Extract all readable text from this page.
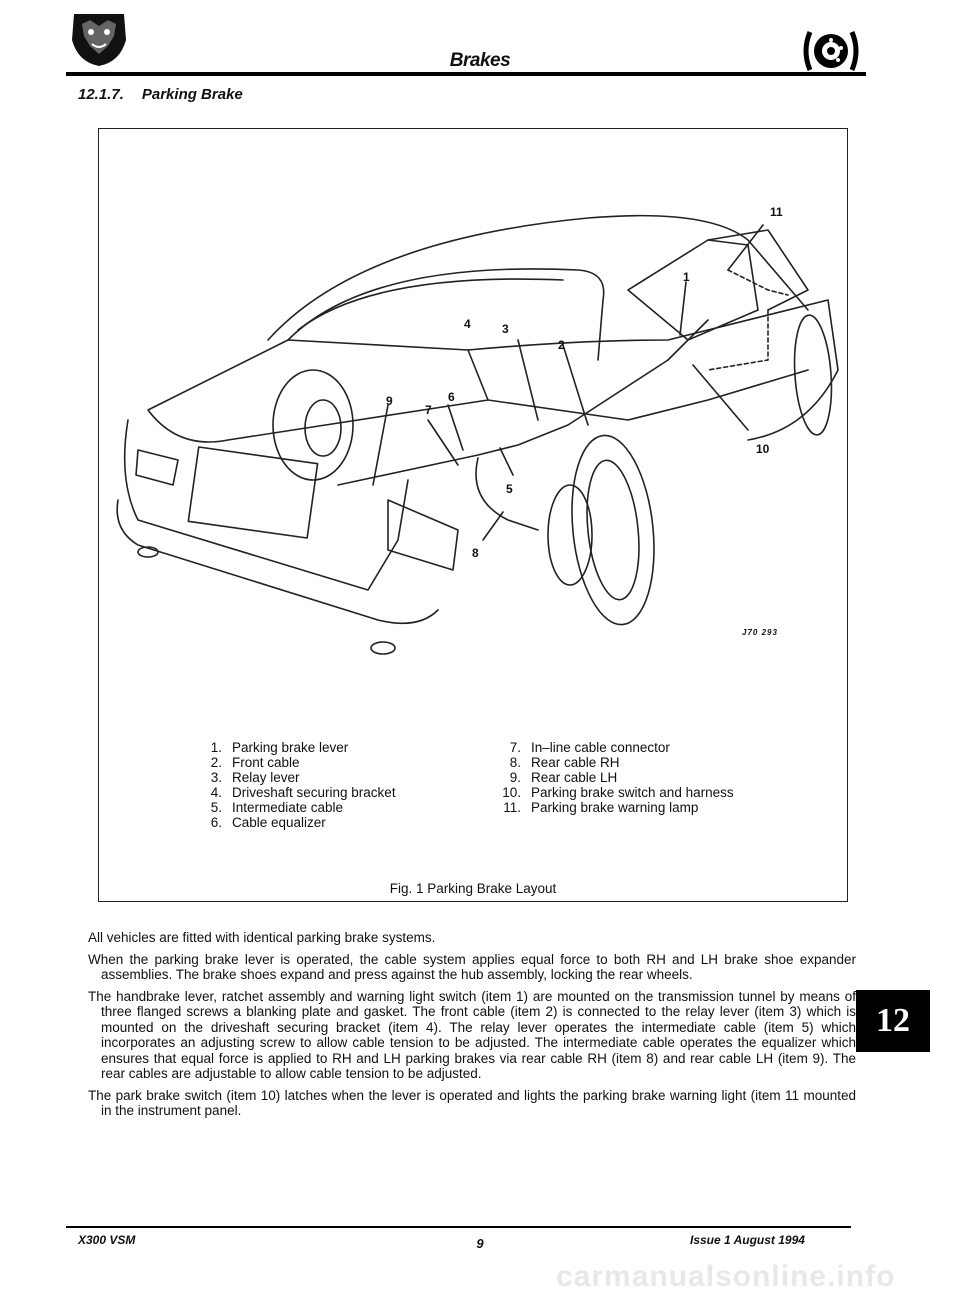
Brakes
12.1.7. Parking Brake
11
1
4	3
2
6
9
7
10
5
8
J70 293
1. Parking brake lever
2. Front cable
3. Relay lever
4. Driveshaft securing bracket
5. Intermediate cable
6. Cable equalizer
7. In–line cable connector
8. Rear cable RH
9. Rear cable LH
10. Parking brake switch and harness
11. Parking brake warning lamp
Fig. 1 Parking Brake Layout

All vehicles are fitted with identical parking brake systems.

When the parking brake lever is operated, the cable system applies equal force to both RH and LH brake shoe expander assemblies. The brake shoes expand and press against the hub assembly, locking the rear wheels.

The handbrake lever, ratchet assembly and warning light switch (item 1) are mounted on the transmission tunnel by means of three flanged screws a blanking plate and gasket. The front cable (item 2) is connected to the relay lever (item 3) which is mounted on the driveshaft securing bracket (item 4). The relay lever operates the intermediate cable (item 5) which incorporates an adjusting screw to allow cable tension to be adjusted. The intermediate cable operates the equalizer which ensures that equal force is applied to RH and LH parking brakes via rear cable RH (item 8) and rear cable LH (item 9). The rear cables are adjustable to allow cable tension to be adjusted.

The park brake switch (item 10) latches when the lever is operated and lights the parking brake warning light (item 11 mounted in the instrument panel.

12
X300 VSM	9	Issue 1 August 1994
carmanualsonline.info
